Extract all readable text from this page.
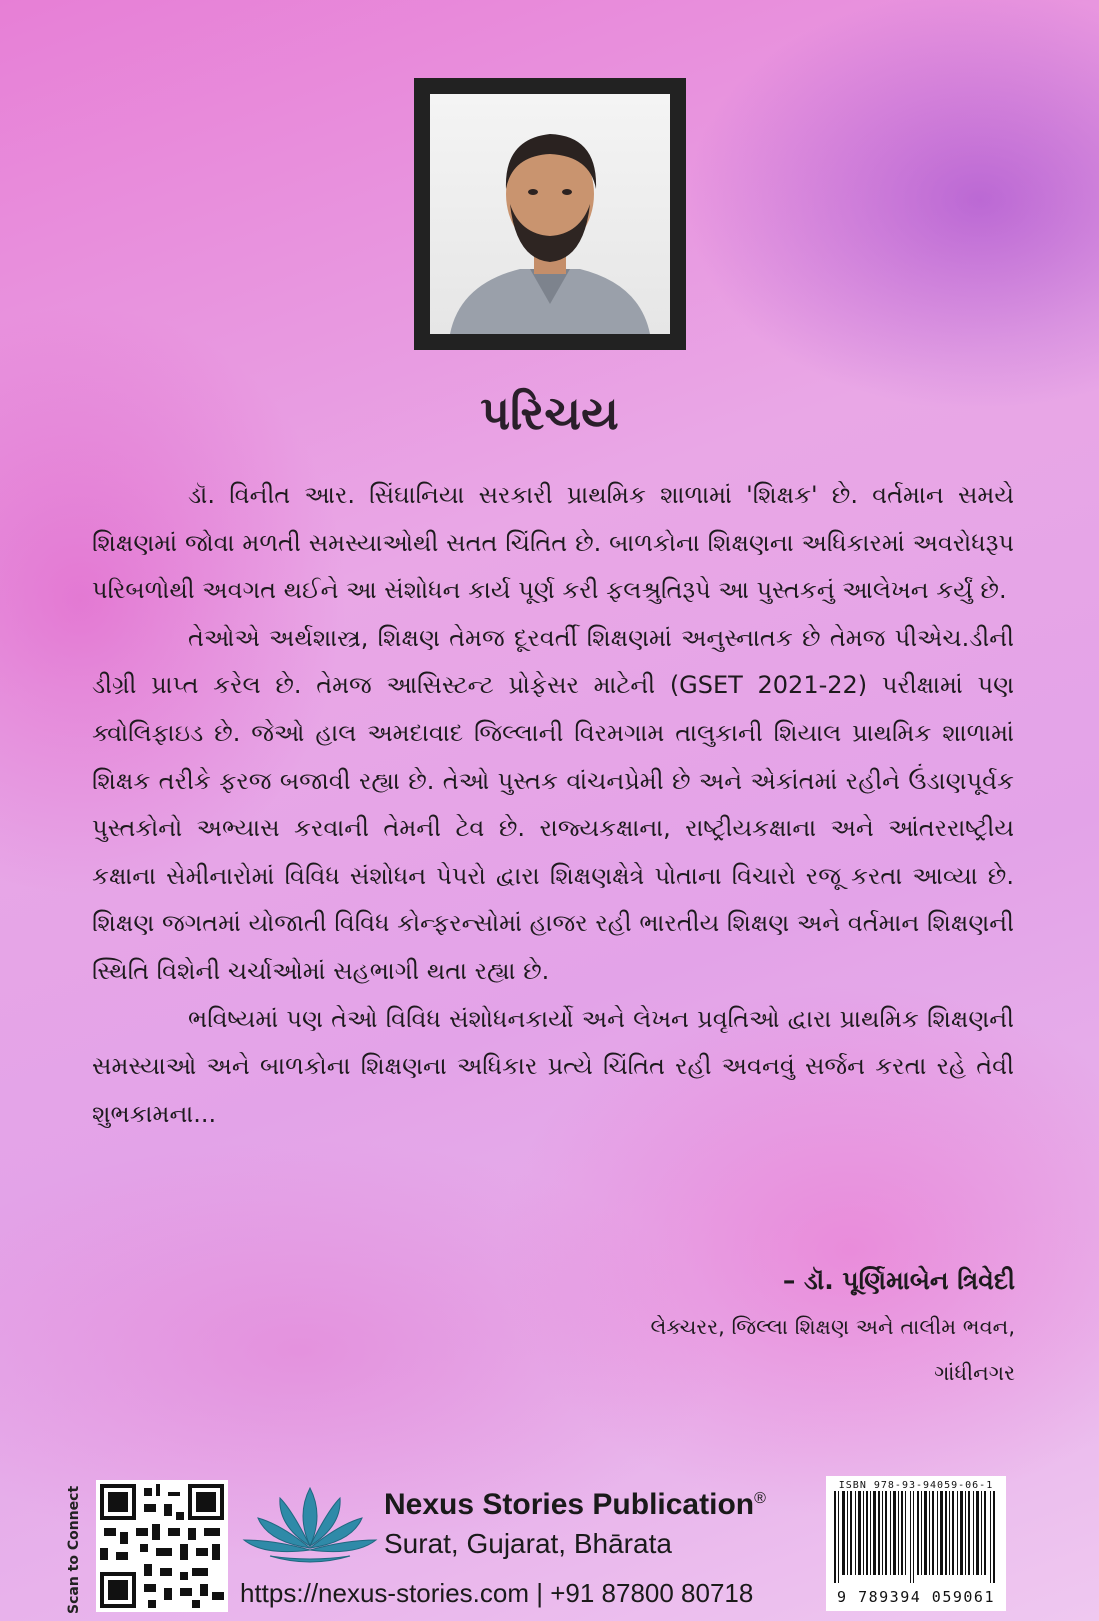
પરિચય

ડૉ. વિનીત આર. સિંઘાનિયા સરકારી પ્રાથમિક શાળામાં 'શિક્ષક' છે. વર્તમાન સમયે શિક્ષણમાં જોવા મળતી સમસ્યાઓથી સતત ચિંતિત છે. બાળકોના શિક્ષણના અધિકારમાં અવરોધરૂપ પરિબળોથી અવગત થઈને આ સંશોધન કાર્ય પૂર્ણ કરી ફલશ્રુતિરૂપે આ પુસ્તકનું આલેખન કર્યું છે.

તેઓએ અર્થશાસ્ત્ર, શિક્ષણ તેમજ દૂરવર્તી શિક્ષણમાં અનુસ્નાતક છે તેમજ પીએચ.ડીની ડીગ્રી પ્રાપ્ત કરેલ છે. તેમજ આસિસ્ટન્ટ પ્રોફેસર માટેની (GSET 2021-22) પરીક્ષામાં પણ ક્વોલિફાઇડ છે. જેઓ હાલ અમદાવાદ જિલ્લાની વિરમગામ તાલુકાની શિયાલ પ્રાથમિક શાળામાં શિક્ષક તરીકે ફરજ બજાવી રહ્યા છે. તેઓ પુસ્તક વાંચનપ્રેમી છે અને એકાંતમાં રહીને ઉંડાણપૂર્વક પુસ્તકોનો અભ્યાસ કરવાની તેમની ટેવ છે. રાજ્યકક્ષાના, રાષ્ટ્રીયકક્ષાના અને આંતરરાષ્ટ્રીય કક્ષાના સેમીનારોમાં વિવિધ સંશોધન પેપરો દ્વારા શિક્ષણક્ષેત્રે પોતાના વિચારો રજૂ કરતા આવ્યા છે. શિક્ષણ જગતમાં યોજાતી વિવિધ કોન્ફરન્સોમાં હાજર રહી ભારતીય શિક્ષણ અને વર્તમાન શિક્ષણની સ્થિતિ વિશેની ચર્ચાઓમાં સહભાગી થતા રહ્યા છે.

ભવિષ્યમાં પણ તેઓ વિવિધ સંશોધનકાર્યો અને લેખન પ્રવૃતિઓ દ્વારા પ્રાથમિક શિક્ષણની સમસ્યાઓ અને બાળકોના શિક્ષણના અધિકાર પ્રત્યે ચિંતિત રહી અવનવું સર્જન કરતા રહે તેવી શુભકામના...

– ડૉ. પૂર્ણિમાબેન ત્રિવેદી
લેક્ચરર, જિલ્લા શિક્ષણ અને તાલીમ ભવન,
ગાંધીનગર
Scan to Connect	Nexus Stories Publication®
Surat, Gujarat, Bhārata
https://nexus-stories.com | +91 87800 80718
ISBN 978-93-94059-06-1
9 789394 059061
